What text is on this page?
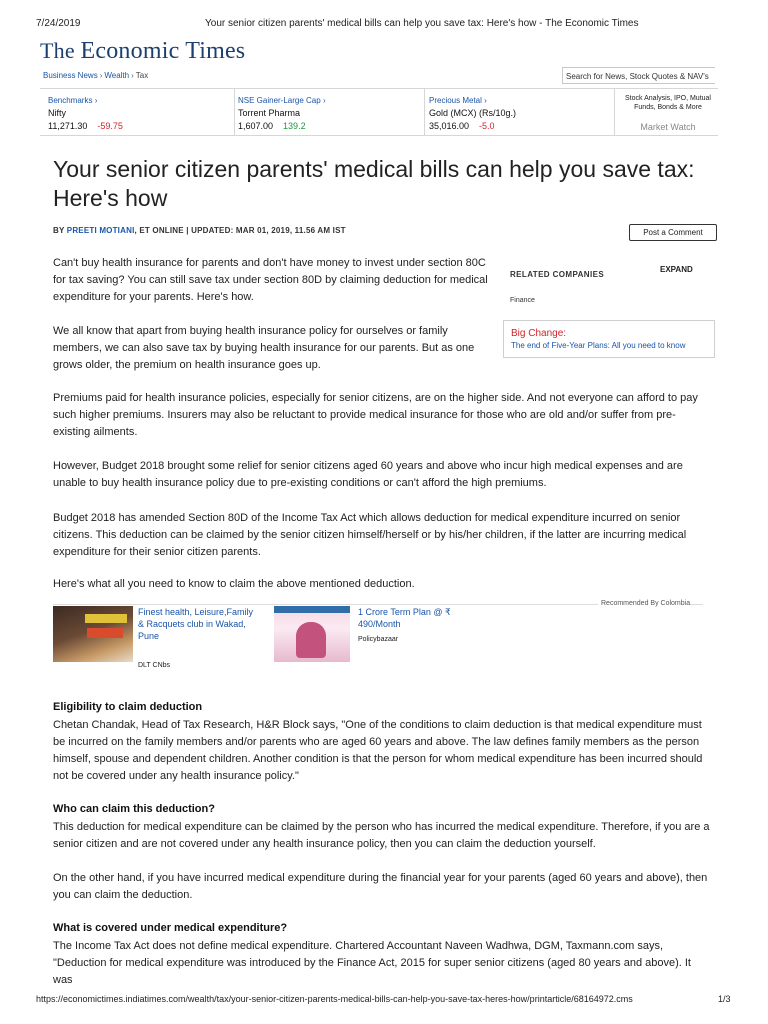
7/24/2019	Your senior citizen parents' medical bills can help you save tax: Here's how - The Economic Times
The Economic Times
Business News › Wealth › Tax	Search for News, Stock Quotes & NAV's
Benchmarks ›
Nifty
11,271.30 -59.75
NSE Gainer-Large Cap ›
Torrent Pharma
1,607.00 139.2
Precious Metal ›
Gold (MCX) (Rs/10g.)
35,016.00 -5.0
Stock Analysis, IPO, Mutual Funds, Bonds & More
Market Watch
Your senior citizen parents' medical bills can help you save tax: Here's how
BY PREETI MOTIANI, ET ONLINE | UPDATED: MAR 01, 2019, 11.56 AM IST	Post a Comment

Can't buy health insurance for parents and don't have money to invest under section 80C for tax saving? You can still save tax under section 80D by claiming deduction for medical expenditure for your parents. Here's how.

We all know that apart from buying health insurance policy for ourselves or family members, we can also save tax by buying health insurance for our parents. But as one grows older, the premium on health insurance goes up.

RELATED COMPANIES
EXPAND
Finance
Big Change:
The end of Five-Year Plans: All you need to know

Premiums paid for health insurance policies, especially for senior citizens, are on the higher side. And not everyone can afford to pay such higher premiums. Insurers may also be reluctant to provide medical insurance for those who are old and/or suffer from pre-existing ailments.

However, Budget 2018 brought some relief for senior citizens aged 60 years and above who incur high medical expenses and are unable to buy health insurance policy due to pre-existing conditions or can't afford the high premiums.

Budget 2018 has amended Section 80D of the Income Tax Act which allows deduction for medical expenditure incurred on senior citizens. This deduction can be claimed by the senior citizen himself/herself or by his/her children, if the latter are incurring medical expenditure for their senior citizen parents.

Here's what all you need to know to claim the above mentioned deduction.

Recommended By Colombia
Finest health, Leisure,Family & Racquets club in Wakad, Pune
DLT CNbs
1 Crore Term Plan @ ₹ 490/Month
Policybazaar

Eligibility to claim deduction

Chetan Chandak, Head of Tax Research, H&R Block says, "One of the conditions to claim deduction is that medical expenditure must be incurred on the family members and/or parents who are aged 60 years and above. The law defines family members as the person himself, spouse and dependent children. Another condition is that the person for whom medical expenditure has been incurred should not be covered under any health insurance policy."

Who can claim this deduction?

This deduction for medical expenditure can be claimed by the person who has incurred the medical expenditure. Therefore, if you are a senior citizen and are not covered under any health insurance policy, then you can claim the deduction yourself.

On the other hand, if you have incurred medical expenditure during the financial year for your parents (aged 60 years and above), then you can claim the deduction.

What is covered under medical expenditure?

The Income Tax Act does not define medical expenditure. Chartered Accountant Naveen Wadhwa, DGM, Taxmann.com says, "Deduction for medical expenditure was introduced by the Finance Act, 2015 for super senior citizens (aged 80 years and above). It was

https://economictimes.indiatimes.com/wealth/tax/your-senior-citizen-parents-medical-bills-can-help-you-save-tax-heres-how/printarticle/68164972.cms	1/3
